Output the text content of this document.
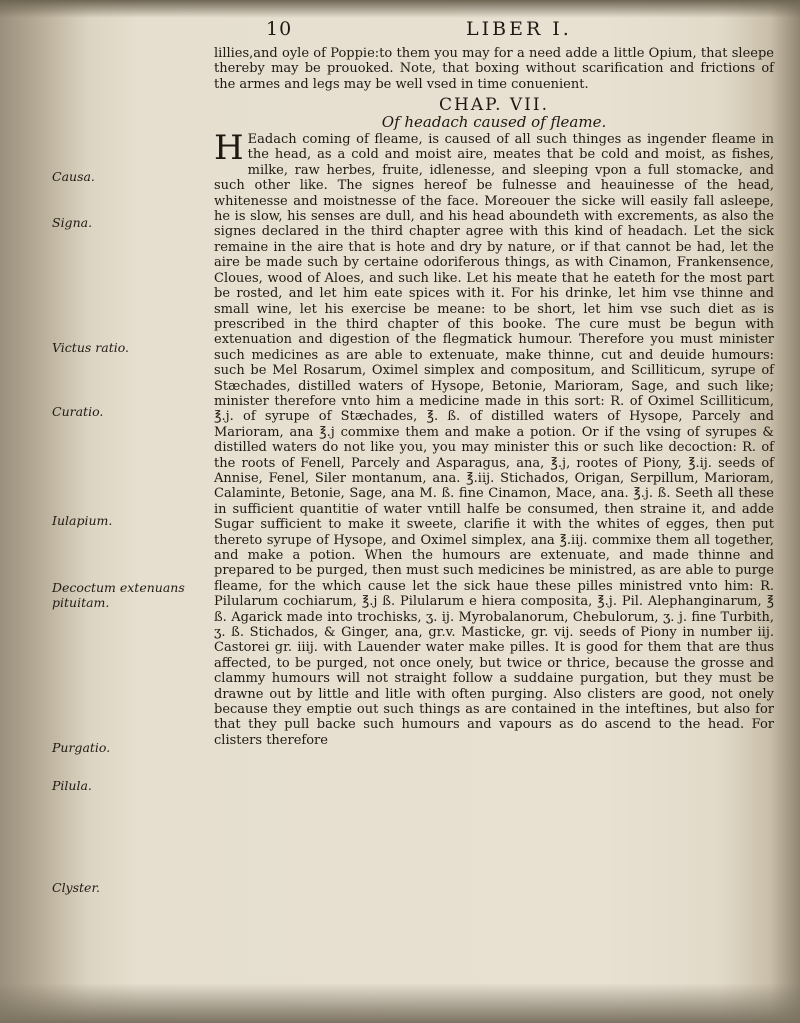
10	LIBER I.
Causa.
Signa.
Victus ratio.
Curatio.
Iulapium.
Decoctum extenuans pituitam.
Purgatio.
Pilula.
Clyster.

lillies,and oyle of Poppie:to them you may for a need adde a little Opium, that sleepe thereby may be prouoked. Note, that boxing without scarification and frictions of the armes and legs may be well vsed in time conuenient.

CHAP. VII.
Of headach caused of fleame.

H Eadach coming of fleame, is caused of all such thinges as ingender fleame in the head, as a cold and moist aire, meates that be cold and moist, as fishes, milke, raw herbes, fruite, idlenesse, and sleeping vpon a full stomacke, and such other like. The signes hereof be fulnesse and heauinesse of the head, whitenesse and moistnesse of the face. Moreouer the sicke will easily fall asleepe, he is slow, his senses are dull, and his head aboundeth with excrements, as also the signes declared in the third chapter agree with this kind of headach. Let the sick remaine in the aire that is hote and dry by nature, or if that cannot be had, let the aire be made such by certaine odoriferous things, as with Cinamon, Frankensence, Cloues, wood of Aloes, and such like. Let his meate that he eateth for the most part be rosted, and let him eate spices with it. For his drinke, let him vse thinne and small wine, let his exercise be meane: to be short, let him vse such diet as is prescribed in the third chapter of this booke. The cure must be begun with extenuation and digestion of the flegmatick humour. Therefore you must minister such medicines as are able to extenuate, make thinne, cut and deuide humours: such be Mel Rosarum, Oximel simplex and compositum, and Scilliticum, syrupe of Stæchades, distilled waters of Hysope, Betonie, Marioram, Sage, and such like; minister therefore vnto him a medicine made in this sort: R. of Oximel Scilliticum, ℥.j. of syrupe of Stæchades, ℥. ß. of distilled waters of Hysope, Parcely and Marioram, ana ℥.j commixe them and make a potion. Or if the vsing of syrupes & distilled waters do not like you, you may minister this or such like decoction: R. of the roots of Fenell, Parcely and Asparagus, ana, ℥.j, rootes of Piony, ℥.ij. seeds of Annise, Fenel, Siler montanum, ana. ℥.iij. Stichados, Origan, Serpillum, Marioram, Calaminte, Betonie, Sage, ana M. ß. fine Cinamon, Mace, ana. ℥.j. ß. Seeth all these in sufficient quantitie of water vntill halfe be consumed, then straine it, and adde Sugar sufficient to make it sweete, clarifie it with the whites of egges, then put thereto syrupe of Hysope, and Oximel simplex, ana ℥.iij. commixe them all together, and make a potion. When the humours are extenuate, and made thinne and prepared to be purged, then must such medicines be ministred, as are able to purge fleame, for the which cause let the sick haue these pilles ministred vnto him: R. Pilularum cochiarum, ℥.j ß. Pilularum e hiera composita, ℥.j. Pil. Alephanginarum, ℥ ß. Agarick made into trochisks, ʒ. ij. Myrobalanorum, Chebulorum, ʒ. j. fine Turbith, ʒ. ß. Stichados, & Ginger, ana, gr.v. Masticke, gr. vij. seeds of Piony in number iij. Castorei gr. iiij. with Lauender water make pilles. It is good for them that are thus affected, to be purged, not once onely, but twice or thrice, because the grosse and clammy humours will not straight follow a suddaine purgation, but they must be drawne out by little and litle with often purging. Also clisters are good, not onely because they emptie out such things as are contained in the inteftines, but also for that they pull backe such humours and vapours as do ascend to the head. For clisters therefore
